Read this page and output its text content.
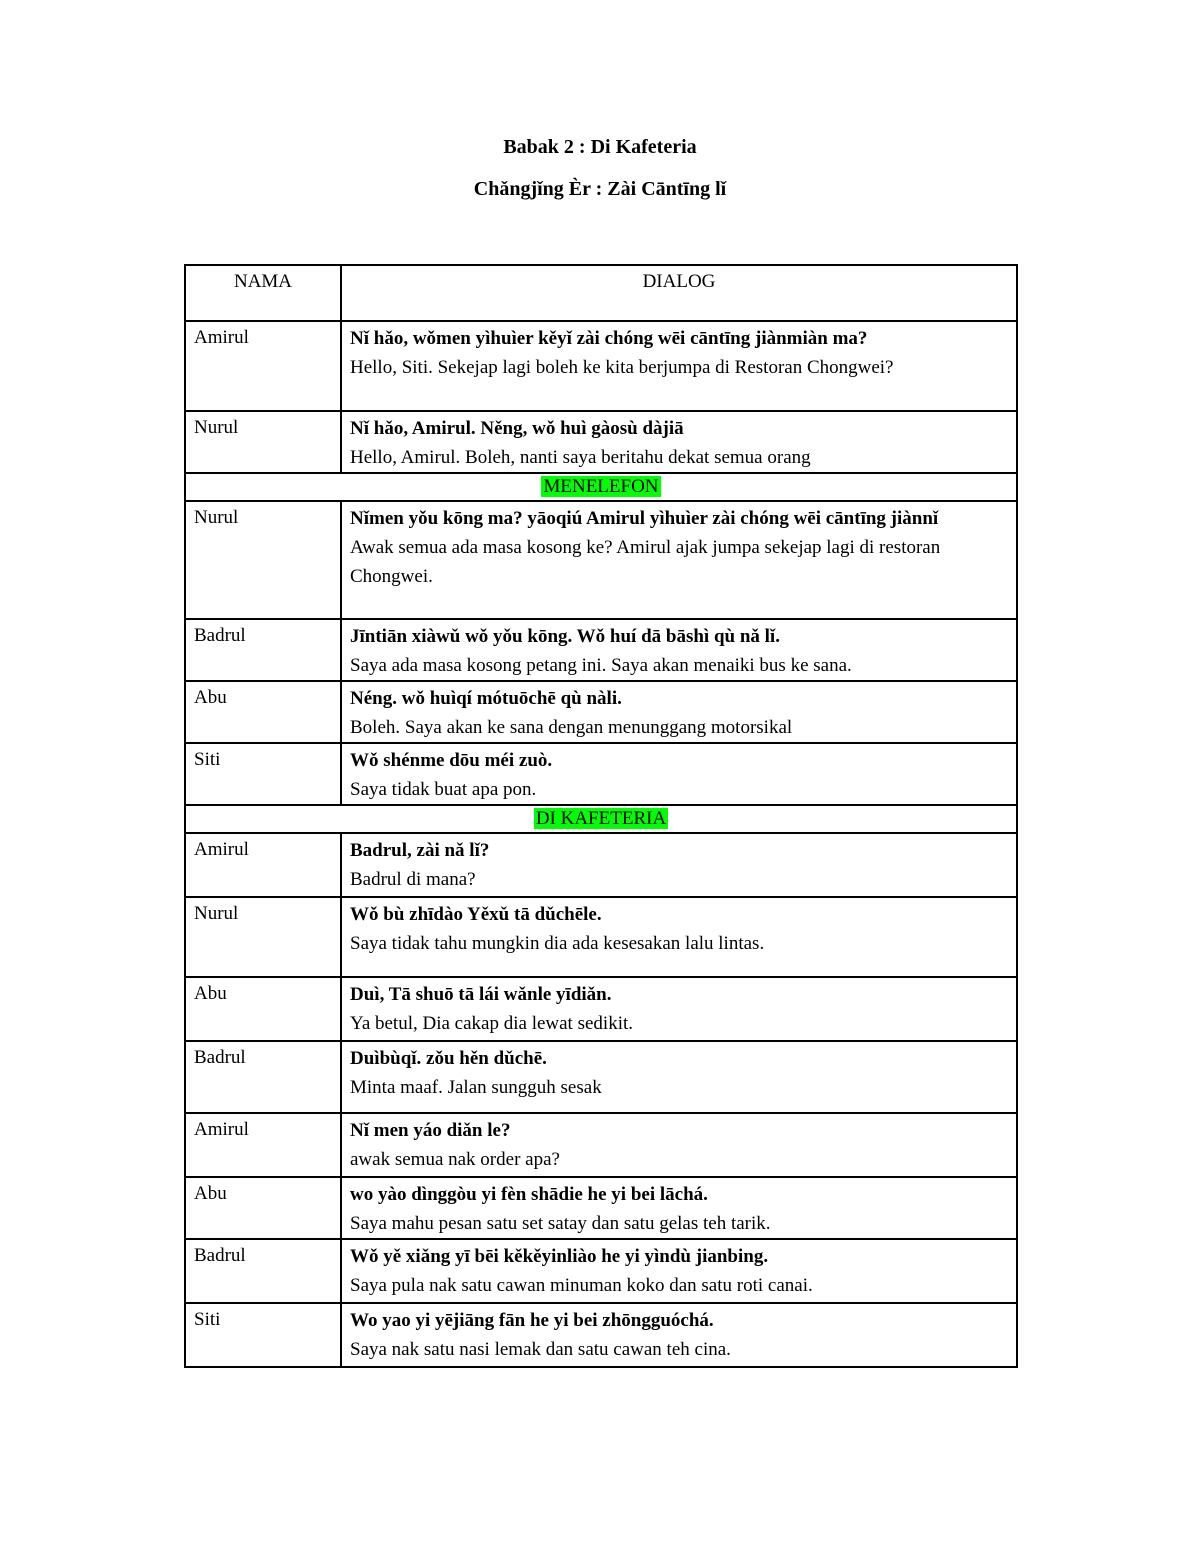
Babak 2 : Di Kafeteria
Chǎngjǐng Èr : Zài Cāntīng lǐ
NAMA	DIALOG
Amirul	Nǐ hǎo, wǒmen yìhuìer kěyǐ zài chóng wēi cāntīng jiànmiàn ma?
Hello, Siti. Sekejap lagi boleh ke kita berjumpa di Restoran Chongwei?

Nurul	Nǐ hǎo, Amirul. Něng, wǒ huì gàosù dàjiā
Hello, Amirul. Boleh, nanti saya beritahu dekat semua orang

MENELEFON	
Nurul	Nǐmen yǒu kōng ma? yāoqiú Amirul yìhuìer zài chóng wēi cāntīng jiànnǐ
Awak semua ada masa kosong ke? Amirul ajak jumpa sekejap lagi di restoran Chongwei.

Badrul	Jīntiān xiàwǔ wǒ yǒu kōng. Wǒ huí dā bāshì qù nǎ lǐ.
Saya ada masa kosong petang ini. Saya akan menaiki bus ke sana.

Abu	Néng. wǒ huìqí mótuōchē qù nàli.
Boleh. Saya akan ke sana dengan menunggang motorsikal

Siti	Wǒ shénme dōu méi zuò.
Saya tidak buat apa pon.

DI KAFETERIA	
Amirul	Badrul, zài nǎ lǐ?
Badrul di mana?

Nurul	Wǒ bù zhīdào Yěxǔ tā dǔchēle.
Saya tidak tahu mungkin dia ada kesesakan lalu lintas.

Abu	Duì, Tā shuō tā lái wǎnle yīdiǎn.
Ya betul, Dia cakap dia lewat sedikit.

Badrul	Duìbùqǐ. zǒu hěn dǔchē.
Minta maaf. Jalan sungguh sesak

Amirul	Nǐ men yáo diǎn le?
awak semua nak order apa?

Abu	wo yào dìnggòu yi fèn shādie he yi bei lāchá.
Saya mahu pesan satu set satay dan satu gelas teh tarik.

Badrul	Wǒ yě xiǎng yī bēi kěkěyinliào he yi yìndù jianbing.
Saya pula nak satu cawan minuman koko dan satu roti canai.

Siti	Wo yao yi yējiāng fān he yi bei zhōngguóchá.
Saya nak satu nasi lemak dan satu cawan teh cina.
